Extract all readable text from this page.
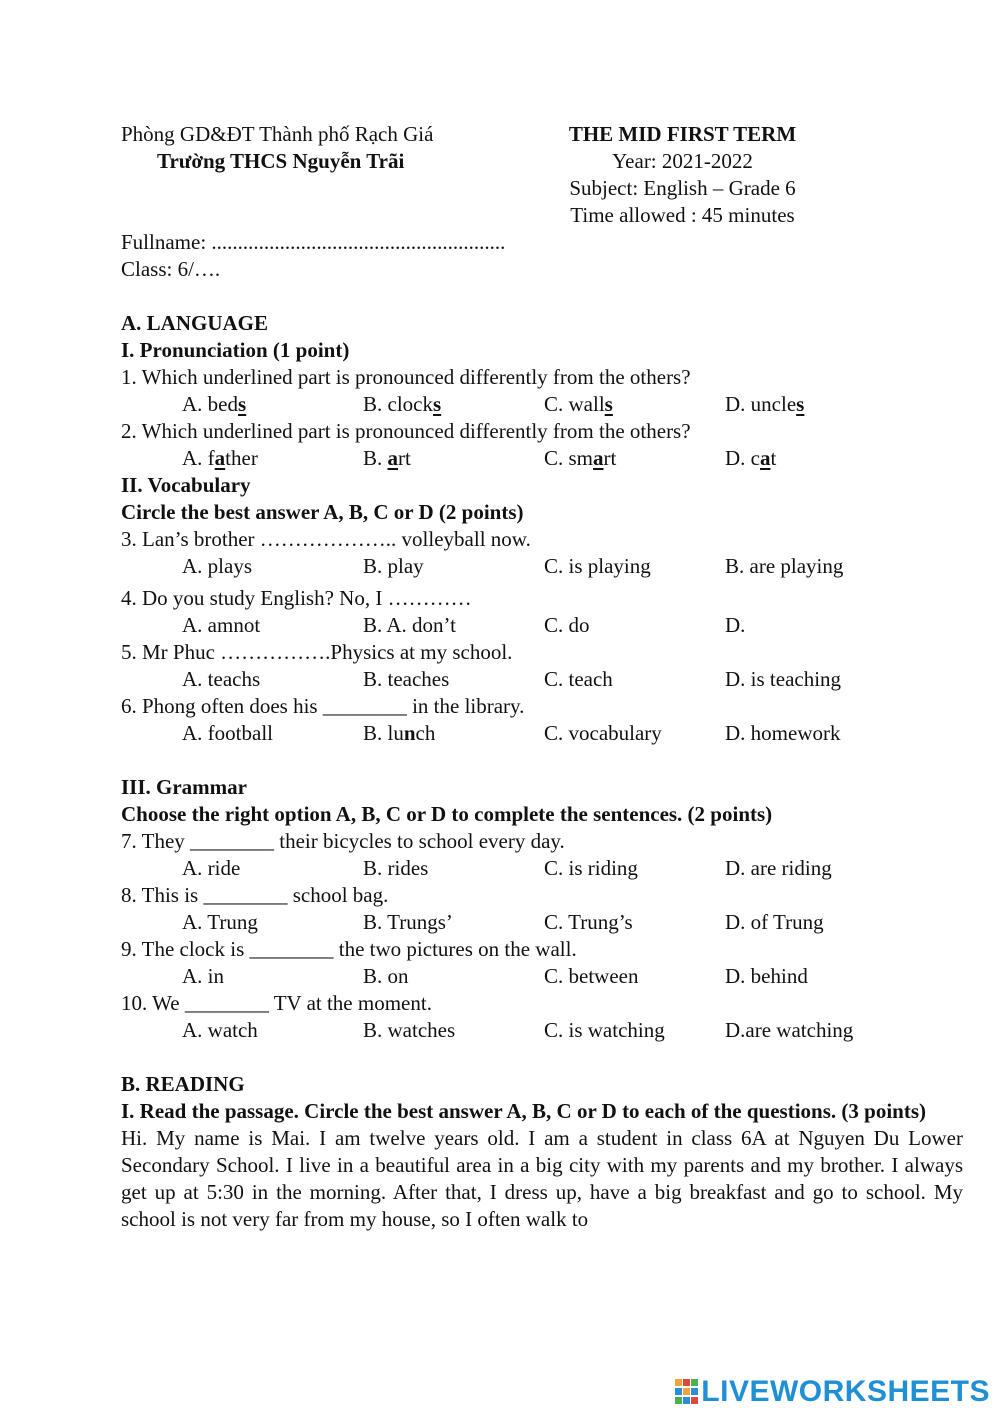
Phòng GD&ĐT Thành phố Rạch Giá
Trường THCS Nguyễn Trãi
THE MID FIRST TERM
Year: 2021-2022
Subject: English – Grade 6
Time allowed : 45 minutes
Fullname: ........................................................
Class: 6/….
A. LANGUAGE
I. Pronunciation (1 point)
1. Which underlined part is pronounced differently from the others?
A. beds	B. clocks	C. walls	D. uncles
2. Which underlined part is pronounced differently from the others?
A. father	B. art	C. smart	D. cat
II. Vocabulary
Circle the best answer A, B, C or D (2 points)
3. Lan’s brother ……………….. volleyball now.
A. plays	B. play	C. is playing	B. are playing
4. Do you study English? No, I …………
A. amnot	B. A. don’t	C. do	D.
5. Mr Phuc …………….Physics at my school.
A. teachs	B. teaches	C. teach	D. is teaching
6. Phong often does his ________ in the library.
A. football	B. lunch	C. vocabulary	D. homework
III. Grammar
Choose the right option A, B, C or D to complete the sentences. (2 points)
7. They ________ their bicycles to school every day.
A. ride	B. rides	C. is riding	D. are riding
8. This is ________ school bag.
A. Trung	B. Trungs’	C. Trung’s	D. of Trung
9. The clock is ________ the two pictures on the wall.
A. in	B. on	C. between	D. behind
10. We ________ TV at the moment.
A. watch	B. watches	C. is watching	D.are watching
B. READING
I. Read the passage. Circle the best answer A, B, C or D to each of the questions. (3 points)
Hi. My name is Mai. I am twelve years old. I am a student in class 6A at Nguyen Du Lower Secondary School. I live in a beautiful area in a big city with my parents and my brother. I always get up at 5:30 in the morning. After that, I dress up, have a big breakfast and go to school. My school is not very far from my house, so I often walk to
LIVEWORKSHEETS
